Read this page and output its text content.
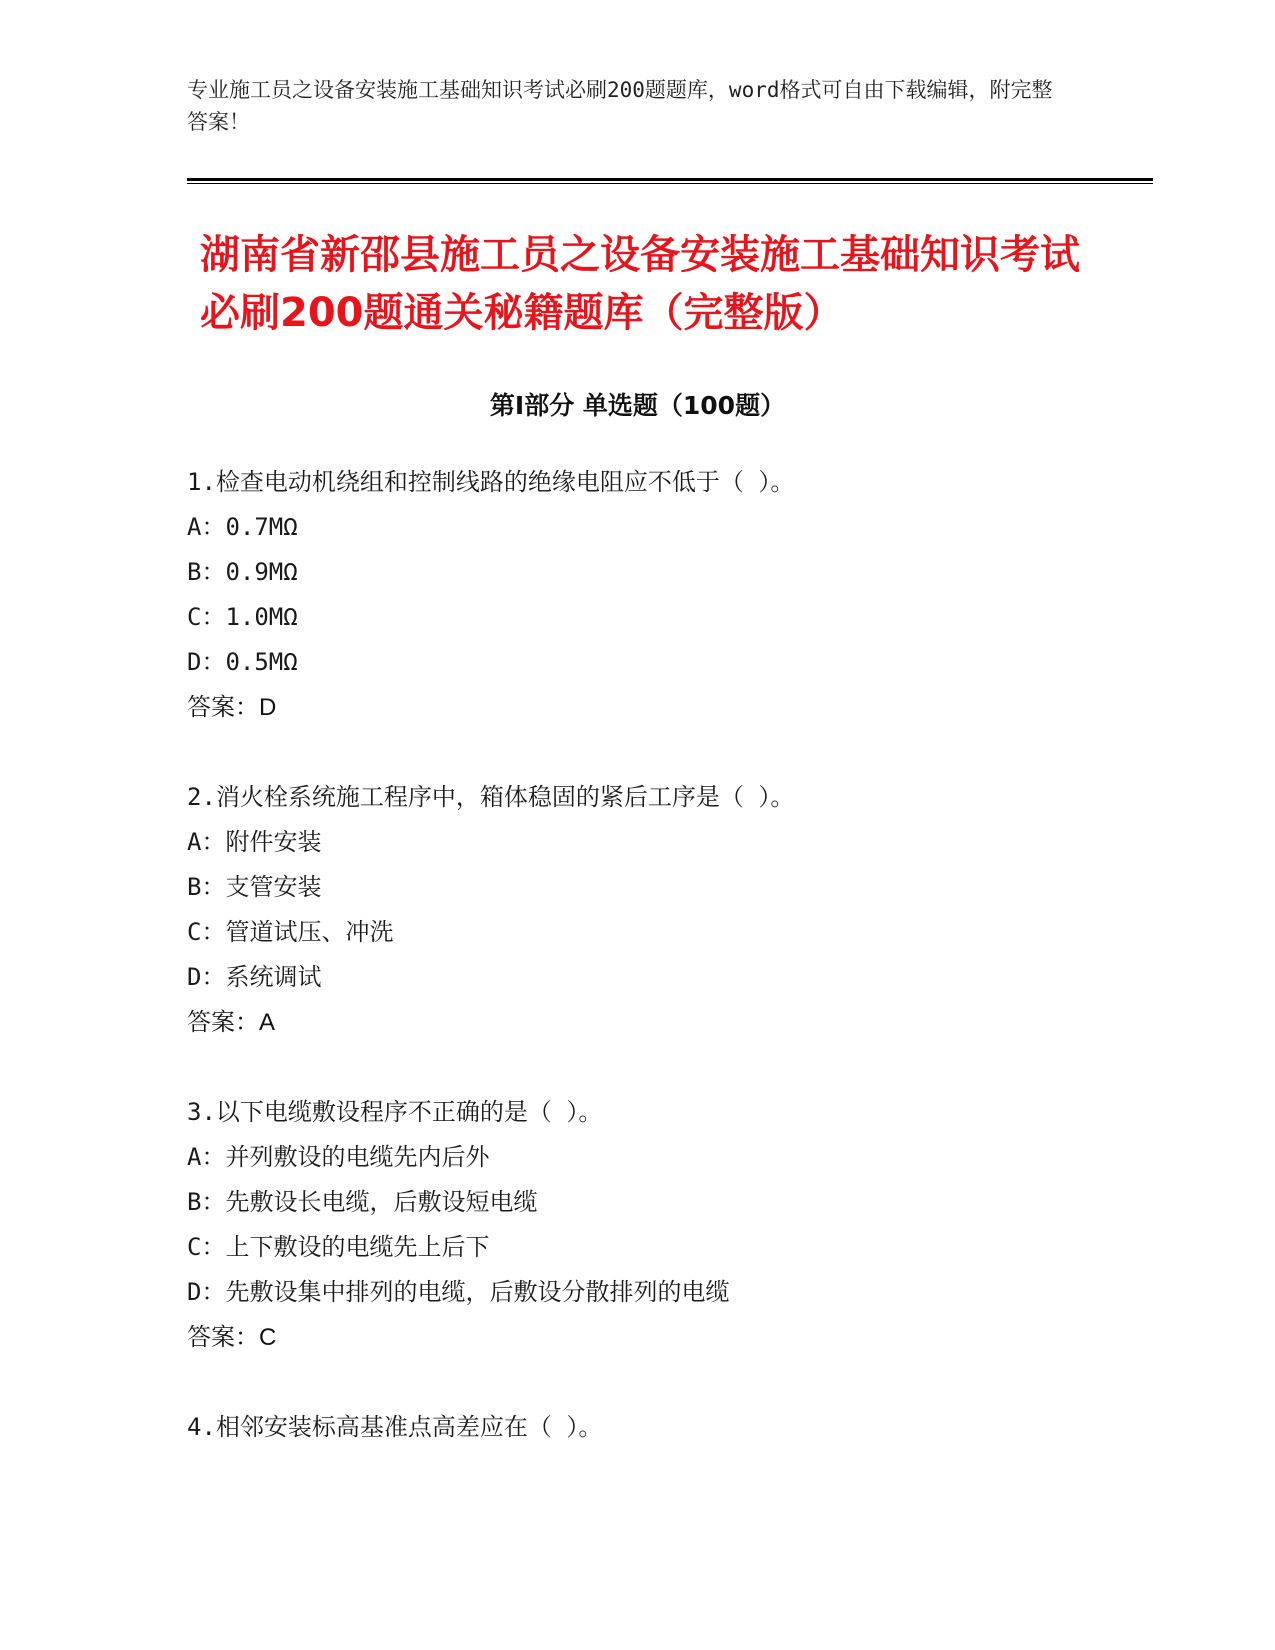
专业施工员之设备安装施工基础知识考试必刷200题题库，word格式可自由下载编辑，附完整答案！
湖南省新邵县施工员之设备安装施工基础知识考试必刷200题通关秘籍题库（完整版）
第Ⅰ部分 单选题（100题）
1.检查电动机绕组和控制线路的绝缘电阻应不低于（ ）。
A：0.7MΩ
B：0.9MΩ
C：1.0MΩ
D：0.5MΩ
答案：D
2.消火栓系统施工程序中，箱体稳固的紧后工序是（ ）。
A：附件安装
B：支管安装
C：管道试压、冲洗
D：系统调试
答案：A
3.以下电缆敷设程序不正确的是（ ）。
A：并列敷设的电缆先内后外
B：先敷设长电缆，后敷设短电缆
C：上下敷设的电缆先上后下
D：先敷设集中排列的电缆，后敷设分散排列的电缆
答案：C
4.相邻安装标高基准点高差应在（ ）。
